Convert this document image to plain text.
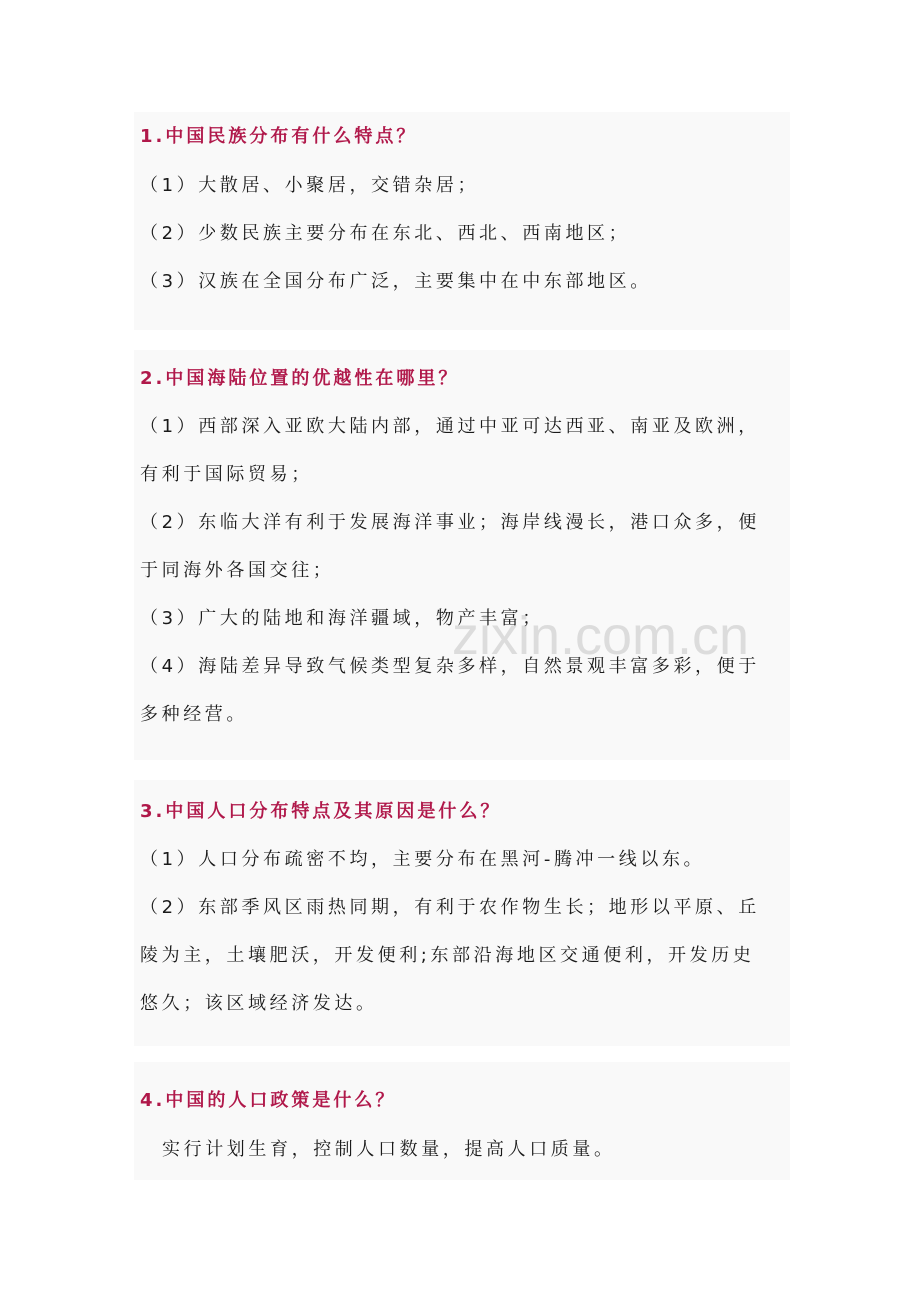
1.中国民族分布有什么特点？
（1）大散居、小聚居，交错杂居；
（2）少数民族主要分布在东北、西北、西南地区；
（3）汉族在全国分布广泛，主要集中在中东部地区。
2.中国海陆位置的优越性在哪里？
（1）西部深入亚欧大陆内部，通过中亚可达西亚、南亚及欧洲，
有利于国际贸易；
（2）东临大洋有利于发展海洋事业；海岸线漫长，港口众多，便
于同海外各国交往；
（3）广大的陆地和海洋疆域，物产丰富；
（4）海陆差异导致气候类型复杂多样，自然景观丰富多彩，便于
多种经营。
3.中国人口分布特点及其原因是什么？
（1）人口分布疏密不均，主要分布在黑河-腾冲一线以东。
（2）东部季风区雨热同期，有利于农作物生长；地形以平原、丘
陵为主，土壤肥沃，开发便利;东部沿海地区交通便利，开发历史
悠久；该区域经济发达。
4.中国的人口政策是什么？
实行计划生育，控制人口数量，提高人口质量。
zixin.com.cn
